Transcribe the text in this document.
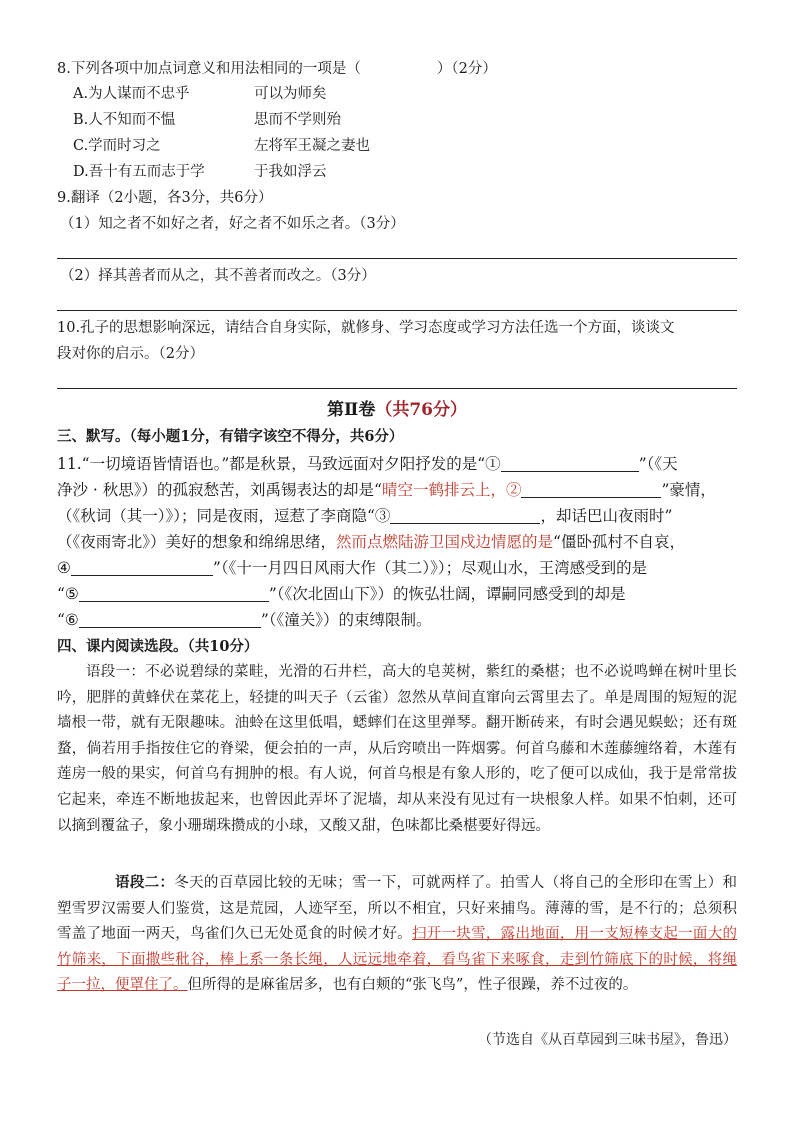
8.下列各项中加点词意义和用法相同的一项是（	）（2分）
A.为人谋而不忠乎	可以为师矣
B.人不知而不愠	思而不学则殆
C.学而时习之	左将军王凝之妻也
D.吾十有五而志于学	于我如浮云
9.翻译（2小题，各3分，共6分）
（1）知之者不如好之者，好之者不如乐之者。（3分）
（2）择其善者而从之，其不善者而改之。（3分）
10.孔子的思想影响深远，请结合自身实际，就修身、学习态度或学习方法任选一个方面，谈谈文
段对你的启示。（2分）
第Ⅱ卷（共76分）
三、默写。（每小题1分，有错字该空不得分，共6分）
11.“一切境语皆情语也。”都是秋景，马致远面对夕阳抒发的是“①	”（《天
净沙 · 秋思》）的孤寂愁苦，刘禹锡表达的却是“晴空一鹤排云上，②	”豪情，
（《秋词（其一）》）；同是夜雨，逗惹了李商隐“③	，却话巴山夜雨时”
（《夜雨寄北》）美好的想象和绵绵思绪，然而点燃陆游卫国戍边情愿的是“僵卧孤村不自哀，
④	”（《十一月四日风雨大作（其二）》）；尽观山水，王湾感受到的是
“⑤	”（《次北固山下》）的恢弘壮阔，谭嗣同感受到的却是
“⑥	”（《潼关》）的束缚限制。
四、课内阅读选段。（共10分）

语段一：不必说碧绿的菜畦，光滑的石井栏，高大的皂荚树，紫红的桑椹；也不必说鸣蝉在树叶里长吟，肥胖的黄蜂伏在菜花上，轻捷的叫天子（云雀）忽然从草间直窜向云霄里去了。单是周围的短短的泥墙根一带，就有无限趣味。油蛉在这里低唱，蟋蟀们在这里弹琴。翻开断砖来，有时会遇见蜈蚣；还有斑蝥，倘若用手指按住它的脊梁，便会拍的一声，从后窍喷出一阵烟雾。何首乌藤和木莲藤缠络着，木莲有莲房一般的果实，何首乌有拥肿的根。有人说，何首乌根是有象人形的，吃了便可以成仙，我于是常常拔它起来，牵连不断地拔起来，也曾因此弄坏了泥墙，却从来没有见过有一块根象人样。如果不怕刺，还可以摘到覆盆子，象小珊瑚珠攒成的小球，又酸又甜，色味都比桑椹要好得远。

语段二：冬天的百草园比较的无味；雪一下，可就两样了。拍雪人（将自己的全形印在雪上）和塑雪罗汉需要人们鉴赏，这是荒园，人迹罕至，所以不相宜，只好来捕鸟。薄薄的雪，是不行的；总须积雪盖了地面一两天，鸟雀们久已无处觅食的时候才好。扫开一块雪，露出地面，用一支短棒支起一面大的竹筛来，下面撒些秕谷，棒上系一条长绳，人远远地牵着，看鸟雀下来啄食，走到竹筛底下的时候，将绳子一拉，便罩住了。但所得的是麻雀居多，也有白颊的“张飞鸟”，性子很躁，养不过夜的。

（节选自《从百草园到三味书屋》，鲁迅）
